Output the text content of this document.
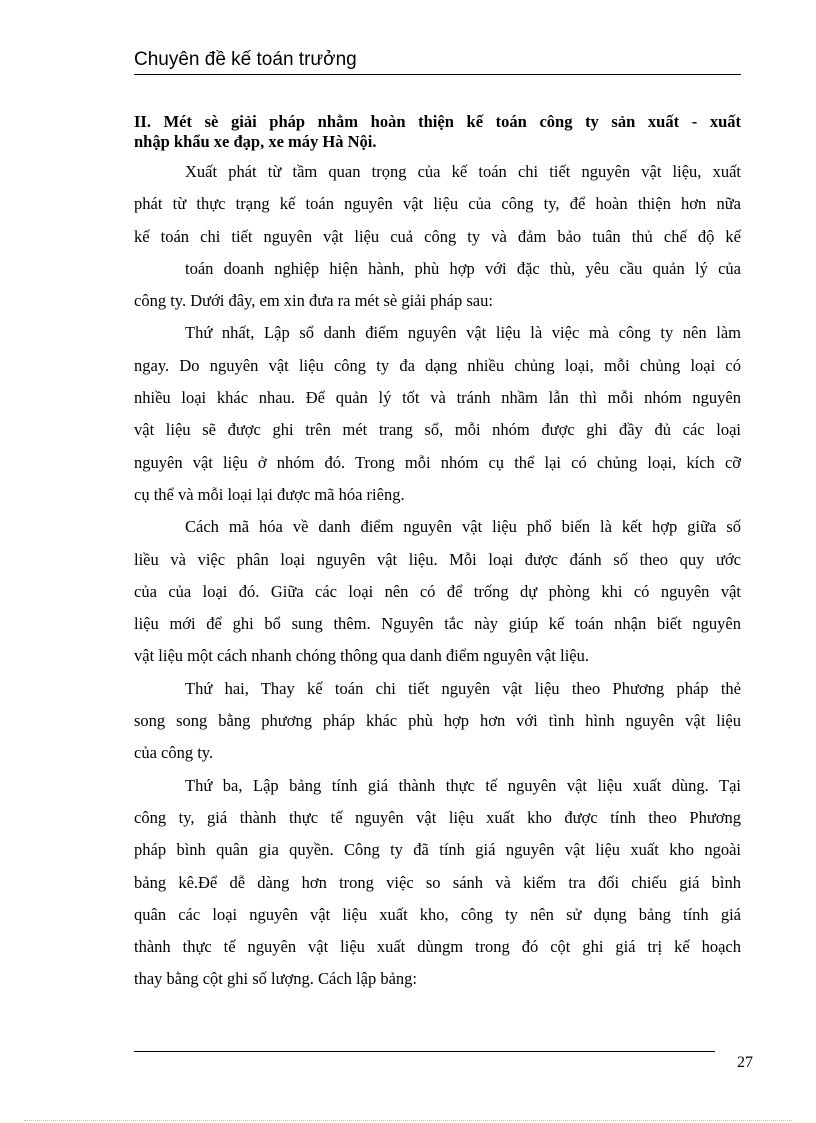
Chuyên đề kế toán trưởng
II. Mét sè giải pháp nhằm hoàn thiện kế toán công ty sản xuất - xuất
nhập khẩu xe đạp, xe máy Hà Nội.

Xuất phát từ tầm quan trọng của kế toán chi tiết nguyên vật liệu, xuất
phát từ thực trạng kế toán nguyên vật liệu của công ty, để hoàn thiện hơn nữa
kế toán chi tiết nguyên vật liệu cuả công ty và đảm bảo tuân thủ chế độ kế

toán doanh nghiệp hiện hành, phù hợp với đặc thù, yêu cầu quản lý của
công ty. Dưới đây, em xin đưa ra mét sè giải pháp sau:

Thứ nhất, Lập sổ danh điểm nguyên vật liệu là việc mà công ty nên làm
ngay. Do nguyên vật liệu công ty đa dạng nhiều chủng loại, mỗi chủng loại có
nhiều loại khác nhau. Để quản lý tốt và tránh nhầm lẫn thì mỗi nhóm nguyên
vật liệu sẽ được ghi trên mét trang sổ, mỗi nhóm được ghi đầy đủ các loại
nguyên vật liệu ở nhóm đó. Trong mỗi nhóm cụ thể lại có chủng loại, kích cỡ
cụ thể và mỗi loại lại được mã hóa riêng.

Cách mã hóa về danh điểm nguyên vật liệu phổ biến là kết hợp giữa số
liều và việc phân loại nguyên vật liệu. Mỗi loại được đánh số theo quy ước
của của loại đó. Giữa các loại nên có để trống dự phòng khi có nguyên vật
liệu mới để ghi bổ sung thêm. Nguyên tắc này giúp kế toán nhận biết nguyên
vật liệu một cách nhanh chóng thông qua danh điểm nguyên vật liệu.

Thứ hai, Thay kế toán chi tiết nguyên vật liệu theo Phương pháp thẻ
song song bằng phương pháp khác phù hợp hơn với tình hình nguyên vật liệu
của công ty.

Thứ ba, Lập bảng tính giá thành thực tế nguyên vật liệu xuất dùng. Tại
công ty, giá thành thực tế nguyên vật liệu xuất kho được tính theo Phương
pháp bình quân gia quyền. Công ty đã tính giá nguyên vật liệu xuất kho ngoài
bảng kê.Để dễ dàng hơn trong việc so sánh và kiểm tra đối chiếu giá bình
quân các loại nguyên vật liệu xuất kho, công ty nên sử dụng bảng tính giá
thành thực tế nguyên vật liệu xuất dùngm trong đó cột ghi giá trị kế hoạch
thay bằng cột ghi số lượng. Cách lập bảng:

27
